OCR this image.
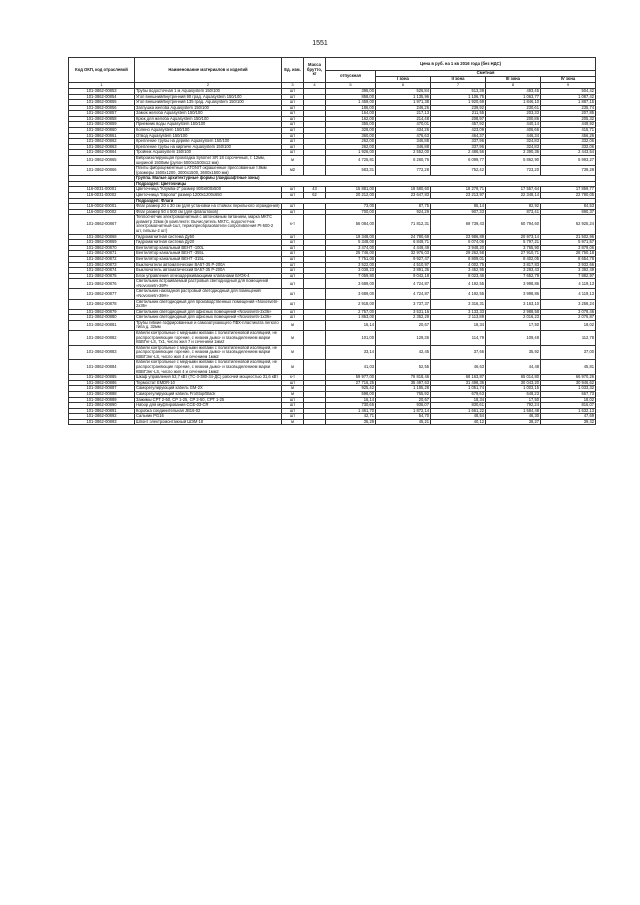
1551
Код ОКП, код отраслевой	Наименование материалов и изделий	Ед. изм.	Масса брутто, кг	Цена в руб. на 1 кв 2016 года (без НДС)				
				отпускная	Сметная			
					I зона	II зона	III зона	IV зона
1	2	3	4	5	6	7	8	9
101-3862-00853	Трубы водосточная 1 м Aquasystem 150/100	шт		395,00	526,84	513,39	493,45	504,42
101-3862-00854	Угол внешний/внутренний 90 град. Aquasystem 150/100	шт		858,00	1 135,96	1 106,75	1 063,77	1 087,42
101-3862-00855	Угол внешний/внутренний 135 град. Aquasystem 150/100	шт		1 459,00	1 971,38	1 920,69	1 846,10	1 887,15
101-3862-00856	Заглушка желоба Aquasystem 150/100	шт		186,00	246,26	239,92	230,61	235,74
101-3862-00857	Замок желоба Aquasystem 150/100	шт		164,00	217,13	211,55	203,33	207,85
101-3862-00858	Крюк для желоба Aquasystem 150/100	шт		162,00	214,48	208,97	200,86	205,32
101-3862-00859	Приемник воды Aquasystem 150/100	шт		355,00	470,01	457,92	440,14	449,92
101-3862-00860	Колено Aquasystem 150/100	шт		328,00	434,26	423,09	406,66	415,71
101-3862-00861	Отвод Aquasystem 150/100	шт		360,00	476,63	464,37	446,34	456,26
101-3862-00862	Крепление трубы на дереве Aquasystem 150/100	шт		262,00	346,88	337,96	324,83	332,06
101-3862-00863	Крепление трубы на кирпиче Aquasystem 150/100	шт		262,00	346,88	337,96	324,83	332,06
101-3862-00864	Тройник Aquasystem 150/100	шт		1 926,00	2 552,00	2 486,56	2 390,36	2 443,54
101-3862-00865	Виброизолирующая прокладка Sylomer SR 18 сорочечный, т. 12мм, шириной 1500мм (рулон 5000x1500x12 мм)	м		4 725,81	6 260,76	6 099,77	5 862,90	5 993,27
101-3862-00866	Плиты фиброцементные LATONIT окрашенные прессованные т.8мм (размеры 1500x1200, 3000x1500, 3600x1500 мм)	м2		583,31	772,28	752,42	723,20	739,28
	Группа. Малые архитектурные формы (ландшафтные зоны)							
	Подраздел: Цветочницы							
116-0031-00001	Цветочница "Клумба-2" размер 800x800x500	шт	43	15 881,00	18 580,60	18 279,71	17 557,64	17 859,77
116-0031-00002	Цветочница "Европа" размер 1200x1200x650	шт	62	20 212,00	23 647,83	23 213,97	22 348,14	22 780,05
	Подраздел: Флаги							
116-0002-00001	Флаг размер 20 x 30 см (для установки на стойках перильного ограждения)	шт		73,00	87,75	86,14	82,92	84,53
116-0002-00002	Флаг размер 50 x 500 см (для флагштоков)	шт		700,00	924,29	907,33	873,41	890,37
101-3862-00867	Теплосчетчик электромагнитный с автономным питанием, марка МКТС диаметр 32мм (в комплекте: Вычислитель МКТС, водосчетчик электромагнитный-1шт, термопреобразователи сопротивления Pt-500-2 шт, гильзы-2 шт)	к-т		56 084,00	71 812,31	69 739,43	60 794,60	62 925,24
101-3862-00868	Гидромагнитная система Ду50	шт		19 348,00	24 780,69	23 986,89	20 973,14	21 502,96
101-3862-00869	Гидромагнитная система Ду20	шт		5 348,00	6 849,71	6 074,06	5 797,21	5 971,57
101-3862-00870	Вентилятор канальный ВЕНТ -100L	шт		3 474,00	4 449,49	3 948,20	3 765,90	3 879,06
101-3862-00871	Вентилятор канальный ВЕНТ -355L	шт		25 746,00	32 976,03	29 262,58	27 910,71	28 750,18
101-3862-00872	Вентилятор канальный ВЕНТ -315L	шт		7 751,00	9 927,47	8 809,01	8 402,05	8 654,78
101-3862-00873	Выключатели автоматические ВА57-35 Р-200А	шт		3 522,00	4 510,97	4 002,75	3 817,83	3 932,66
101-3862-00874	Выключатель автоматический ВА57-35 Р-200А	шт		3 038,23	3 891,36	3 452,95	3 293,43	3 392,49
101-3862-00875	Блок управления огнезадерживающими клапанами БУОК-4	шт		7 059,80	9 042,18	8 023,46	7 652,79	7 882,97
101-3862-00876	Светильник встраиваемый растровый светодиодный для помещений «Novosvetn-39Р»	шт		3 689,00	4 724,87	4 192,55	3 998,86	4 119,13
101-3862-00877	Светильник накладной растровый светодиодный для помещений «Novosvetn-39Н»	шт		3 689,00	4 724,87	4 192,55	3 998,86	4 119,13
101-3862-00878	Светильник светодиодный для производственных помещений «Novosvetn-2x36»	шт		2 918,00	3 737,37	3 316,31	3 163,10	3 258,24
101-3862-00879	Светильник светодиодный для офисных помещений «Novosvetn-2x36»	шт		2 757,00	3 531,16	3 133,33	2 988,58	3 078,46
101-3862-00880	Светильник светодиодный для офисных помещений «Novosvetn-1x36»	шт		1 863,00	2 352,29	2 113,89	2 016,23	2 076,87
101-3862-00881	Трубы гибкие гофрированные и самозатухающего ПВХ-пластиката легкого типа д. 32мм	м		16,14	20,67	18,34	17,50	18,02
101-3862-00882	Кабели контрольные с медными жилами с полиэтиленовой изоляцией, не распространяющие горение, с низким дымо- и газовыделением марки КВВГнг-LS, 7х1, число жил 7 и сечением 1мм2	м		101,00	129,36	114,79	109,48	112,78
101-3862-00883	Кабели контрольные с медными жилами с полиэтиленовой изоляцией, не распространяющие горение, с низким дымо- и газовыделением марки КВВГЭнг-LS, число жил 4 и сечением 1мм2	м		33,14	42,45	37,66	35,92	37,00
101-3862-00884	Кабели контрольные с медными жилами с полиэтиленовой изоляцией, не распространяющие горение, с низким дымо- и газовыделением марки КВВГЭнг-LS, число жил 4 и сечением 1мм2	м		41,03	52,55	46,63	44,48	45,81
101-3862-00885	Шкаф управления 53,7 кВт (ТС-3-380-34-ДС) рабочей мощностью 31,6 кВт	к-т		59 977,00	76 818,46	68 163,87	65 014,80	66 970,26
101-3862-00886	Термостат ЕМDR-10	шт		27 716,25	35 497,63	31 498,36	30 043,20	30 946,62
101-3862-00887	Саморегулирующий кабель GM-2X	м		925,42	1 185,28	1 051,74	1 003,15	1 033,32
101-3862-00888	Саморегулирующий кабель FroStop/Black	м		598,00	765,92	679,63	648,23	667,73
101-3862-00889	Зажимы СРТ 2-50, СР 1-25, СР 2-50, СРТ 1-25	шт		16,14	20,67	18,34	17,50	18,02
101-3862-00890	Набор для муфтирования CCE-03-CR	шт		730,65	936,07	830,61	792,24	816,07
101-3862-00891	Коробка соединительная JB16-02	шт		1 461,70	1 872,14	1 661,22	1 584,48	1 632,13
101-3862-00892	Сальник PG16	шт		42,71	54,70	48,54	46,30	47,69
101-3862-00893	Шпонт электромонтажный ШЭМ 18	м		35,29	45,21	40,12	38,27	39,42
